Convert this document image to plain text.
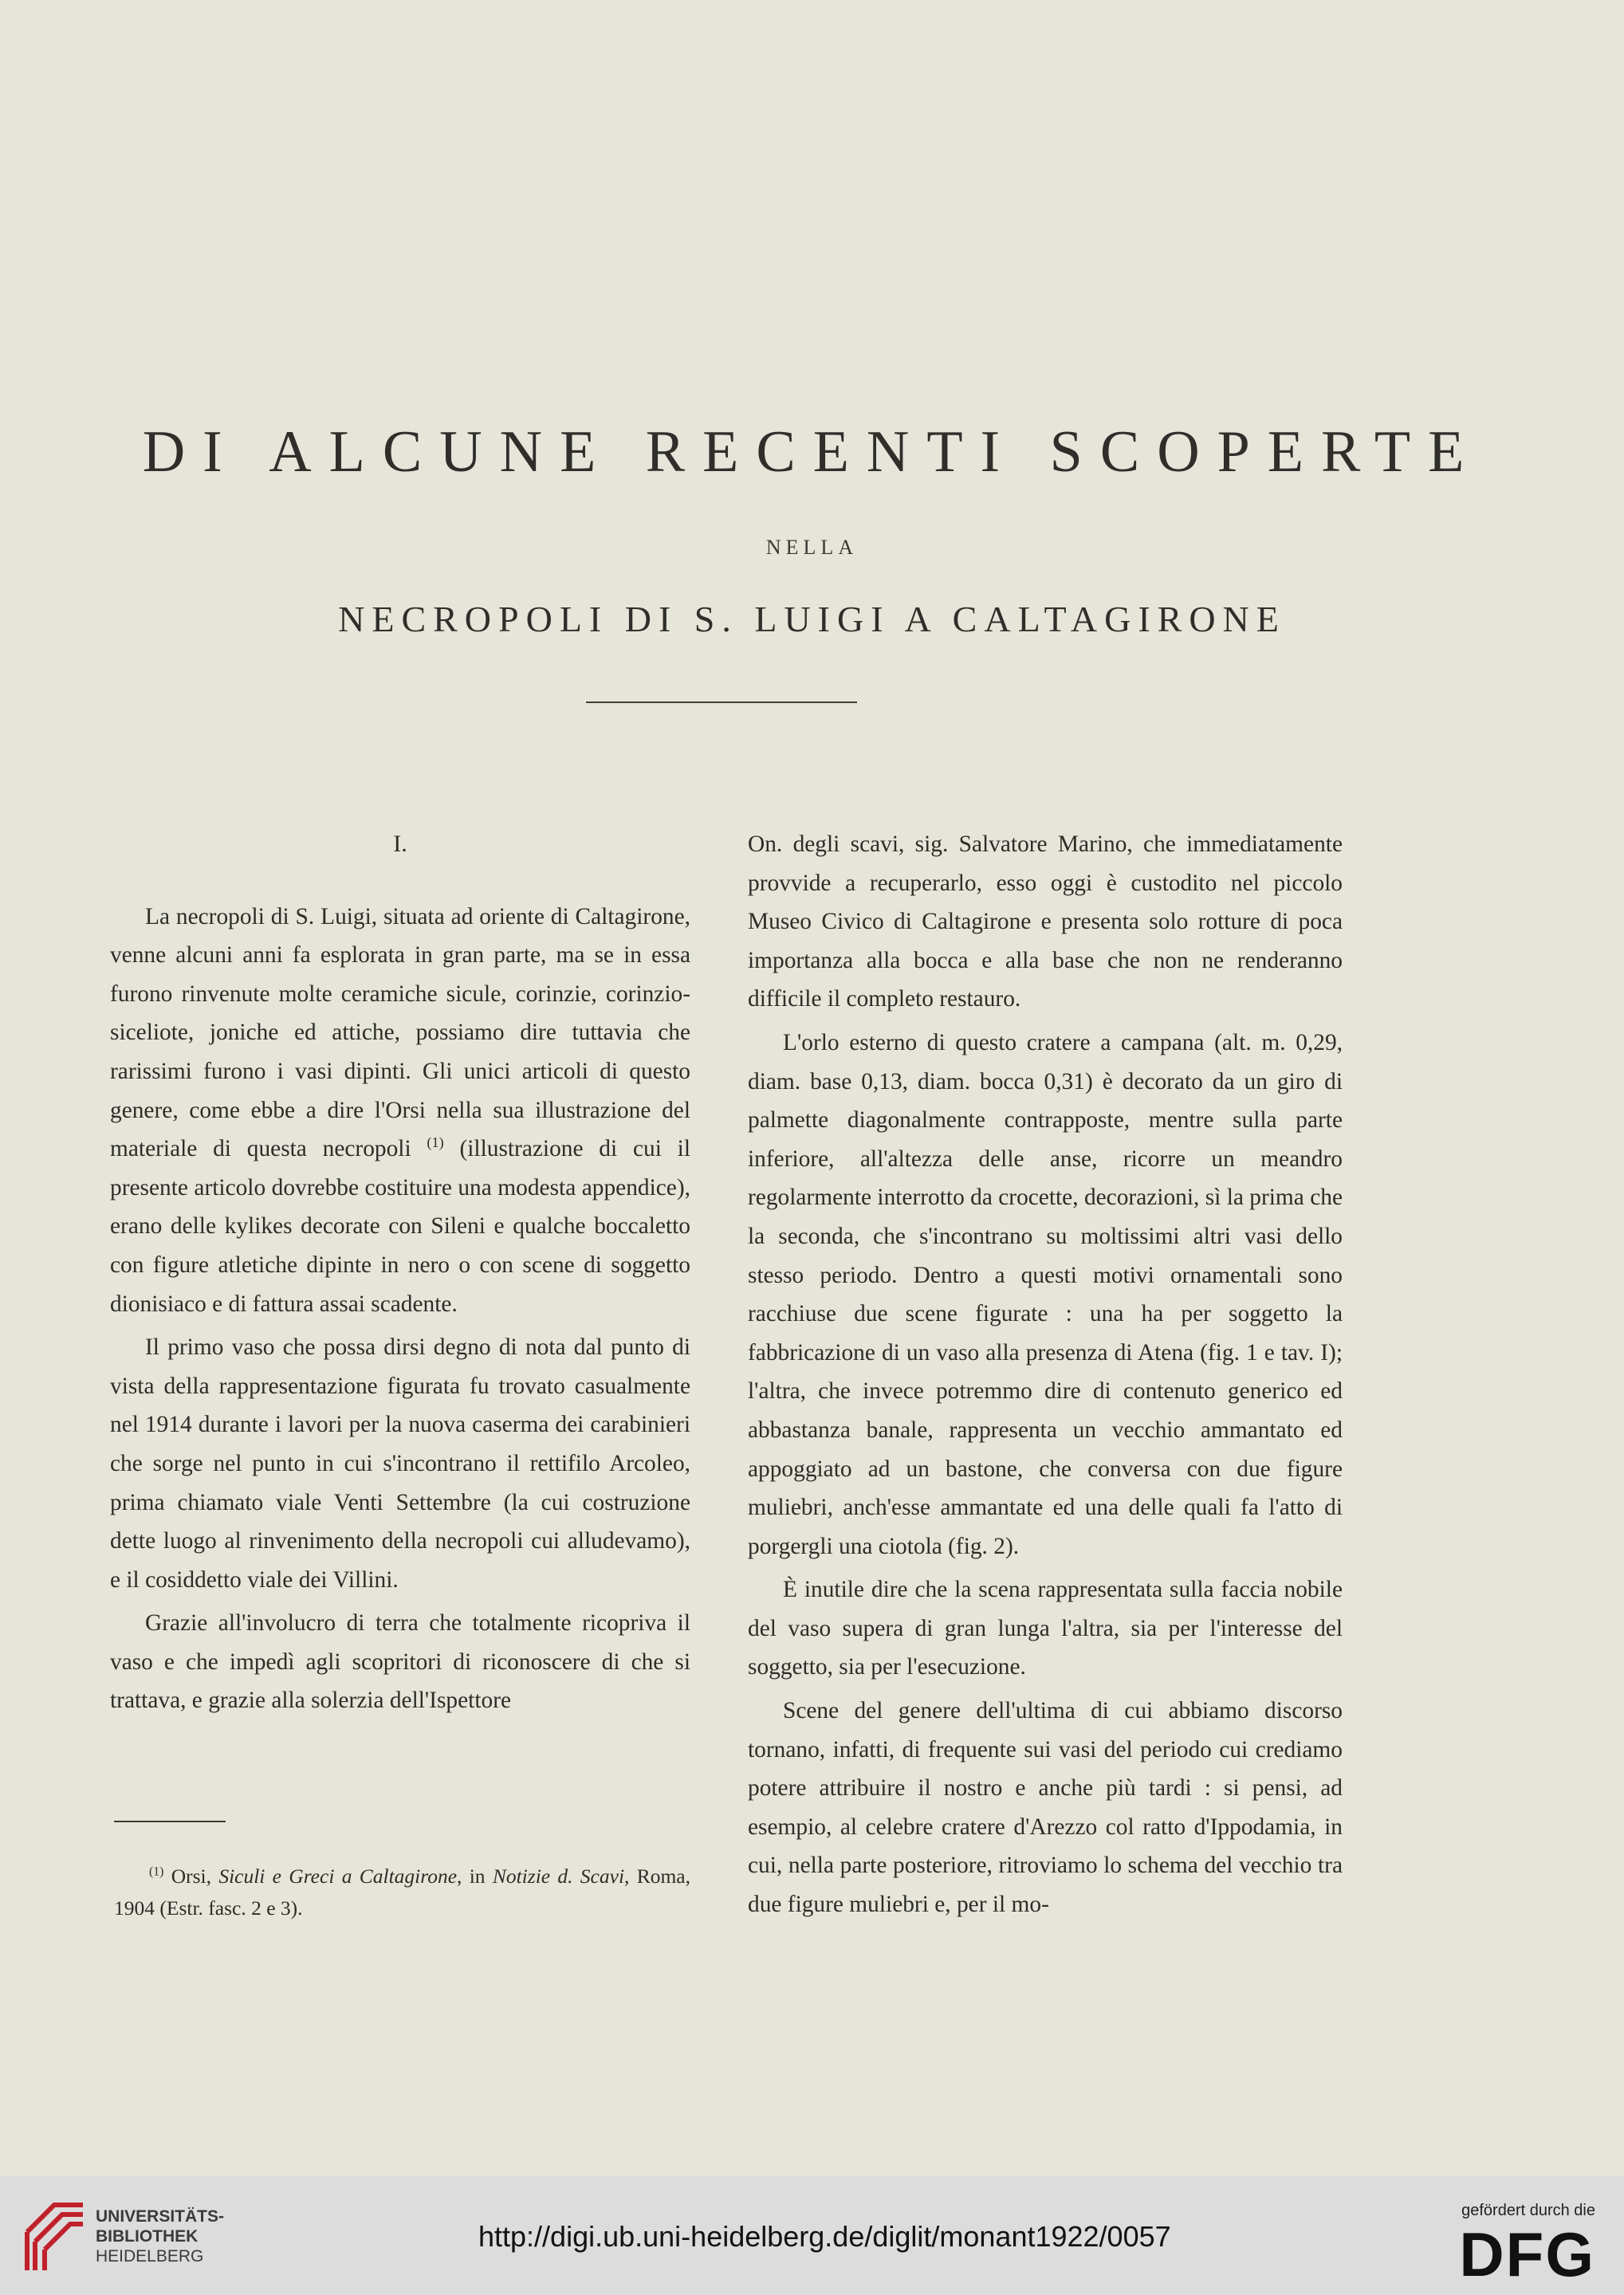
DI ALCUNE RECENTI SCOPERTE
NELLA
NECROPOLI DI S. LUIGI A CALTAGIRONE

I.

La necropoli di S. Luigi, situata ad oriente di Caltagirone, venne alcuni anni fa esplorata in gran parte, ma se in essa furono rinvenute molte ceramiche sicule, corinzie, corinzio-siceliote, joniche ed attiche, possiamo dire tuttavia che rarissimi furono i vasi dipinti. Gli unici articoli di questo genere, come ebbe a dire l'Orsi nella sua illustrazione del materiale di questa necropoli $^{(1)}$ (illustrazione di cui il presente articolo dovrebbe costituire una modesta appendice), erano delle kylikes decorate con Sileni e qualche boccaletto con figure atletiche dipinte in nero o con scene di soggetto dionisiaco e di fattura assai scadente.

Il primo vaso che possa dirsi degno di nota dal punto di vista della rappresentazione figurata fu trovato casualmente nel 1914 durante i lavori per la nuova caserma dei carabinieri che sorge nel punto in cui s'incontrano il rettifilo Arcoleo, prima chiamato viale Venti Settembre (la cui costruzione dette luogo al rinvenimento della necropoli cui alludevamo), e il cosiddetto viale dei Villini.

Grazie all'involucro di terra che totalmente ricopriva il vaso e che impedì agli scopritori di riconoscere di che si trattava, e grazie alla solerzia dell'Ispettore

On. degli scavi, sig. Salvatore Marino, che immediatamente provvide a recuperarlo, esso oggi è custodito nel piccolo Museo Civico di Caltagirone e presenta solo rotture di poca importanza alla bocca e alla base che non ne renderanno difficile il completo restauro.

L'orlo esterno di questo cratere a campana (alt. m. 0,29, diam. base 0,13, diam. bocca 0,31) è decorato da un giro di palmette diagonalmente contrapposte, mentre sulla parte inferiore, all'altezza delle anse, ricorre un meandro regolarmente interrotto da crocette, decorazioni, sì la prima che la seconda, che s'incontrano su moltissimi altri vasi dello stesso periodo. Dentro a questi motivi ornamentali sono racchiuse due scene figurate : una ha per soggetto la fabbricazione di un vaso alla presenza di Atena (fig. 1 e tav. I); l'altra, che invece potremmo dire di contenuto generico ed abbastanza banale, rappresenta un vecchio ammantato ed appoggiato ad un bastone, che conversa con due figure muliebri, anch'esse ammantate ed una delle quali fa l'atto di porgergli una ciotola (fig. 2).

È inutile dire che la scena rappresentata sulla faccia nobile del vaso supera di gran lunga l'altra, sia per l'interesse del soggetto, sia per l'esecuzione.

Scene del genere dell'ultima di cui abbiamo discorso tornano, infatti, di frequente sui vasi del periodo cui crediamo potere attribuire il nostro e anche più tardi : si pensi, ad esempio, al celebre cratere d'Arezzo col ratto d'Ippodamia, in cui, nella parte posteriore, ritroviamo lo schema del vecchio tra due figure muliebri e, per il mo-

$^{(1)}$ Orsi, Siculi e Greci a Caltagirone, in Notizie d. Scavi, Roma, 1904 (Estr. fasc. 2 e 3).

UNIVERSITÄTS-
BIBLIOTHEK
HEIDELBERG
http://digi.ub.uni-heidelberg.de/diglit/monant1922/0057
gefördert durch die
DFG
